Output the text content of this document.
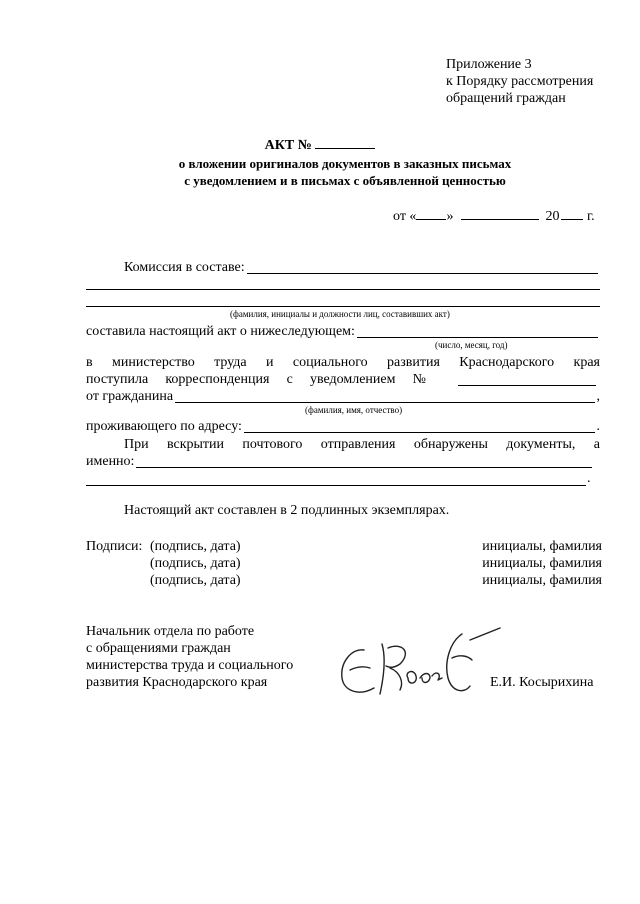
Приложение 3
к Порядку рассмотрения
обращений граждан
АКТ №
о вложении оригиналов документов в заказных письмах
с уведомлением и в письмах с объявленной ценностью
от « »	20 г.
Комиссия в составе:
(фамилия, инициалы и должности лиц, составивших акт)
составила настоящий акт о нижеследующем:
(число, месяц, год)
в министерство труда и социального развития Краснодарского края
поступила корреспонденция с уведомлением №
от гражданина	,
(фамилия, имя, отчество)
проживающего по адресу:	.
При вскрытии почтового отправления обнаружены документы, а
именно:
.
Настоящий акт составлен в 2 подлинных экземплярах.
Подписи: (подпись, дата)	инициалы, фамилия
(подпись, дата)	инициалы, фамилия
(подпись, дата)	инициалы, фамилия
Начальник отдела по работе
с обращениями граждан
министерства труда и социального
развития Краснодарского края	Е.И. Косырихина
